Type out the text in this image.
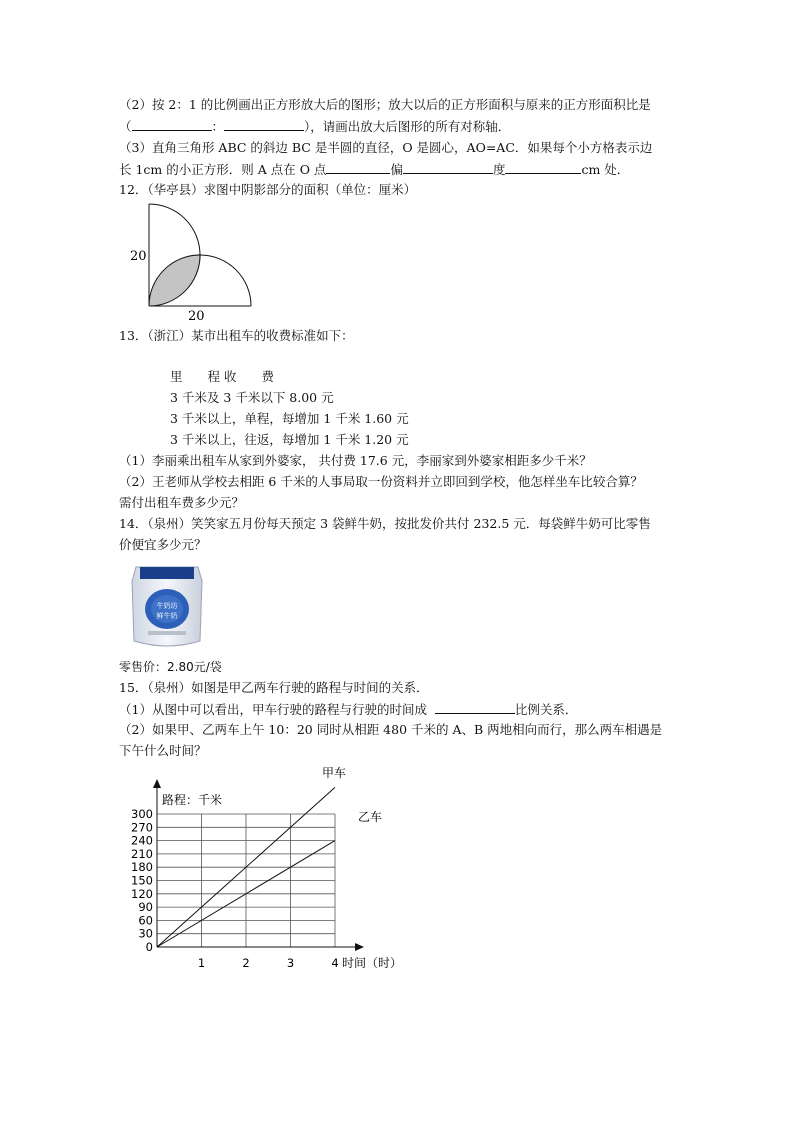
（2）按 2：1 的比例画出正方形放大后的图形；放大以后的正方形面积与原来的正方形面积比是
（	：	），请画出放大后图形的所有对称轴．
（3）直角三角形 ABC 的斜边 BC 是半圆的直径，O 是圆心，AO=AC．如果每个小方格表示边
长 1cm 的小正方形．则 A 点在 O 点	偏	度	cm 处．
12．（华亭县）求图中阴影部分的面积（单位：厘米）
20
20
13．（浙江）某市出租车的收费标准如下：
里　　程 收　　费
3 千米及 3 千米以下 8.00 元
3 千米以上，单程，每增加 1 千米 1.60 元
3 千米以上，往返，每增加 1 千米 1.20 元
（1）李丽乘出租车从家到外婆家， 共付费 17.6 元，李丽家到外婆家相距多少千米？
（2）王老师从学校去相距 6 千米的人事局取一份资料并立即回到学校，他怎样坐车比较合算？
需付出租车费多少元？
14．（泉州）笑笑家五月份每天预定 3 袋鲜牛奶，按批发价共付 232.5 元．每袋鲜牛奶可比零售
价便宜多少元？
牛奶坊
鲜牛奶
零售价：2.80元/袋
15．（泉州）如图是甲乙两车行驶的路程与时间的关系．
（1）从图中可以看出，甲车行驶的路程与行驶的时间成	比例关系．
（2）如果甲、乙两车上午 10：20 同时从相距 480 千米的 A、B 两地相向而行，那么两车相遇是
下午什么时间？
0
30
60
90
120
150
180
210
240
270
300
1	2	3	4
路程：千米
时间（时）
甲车
乙车
